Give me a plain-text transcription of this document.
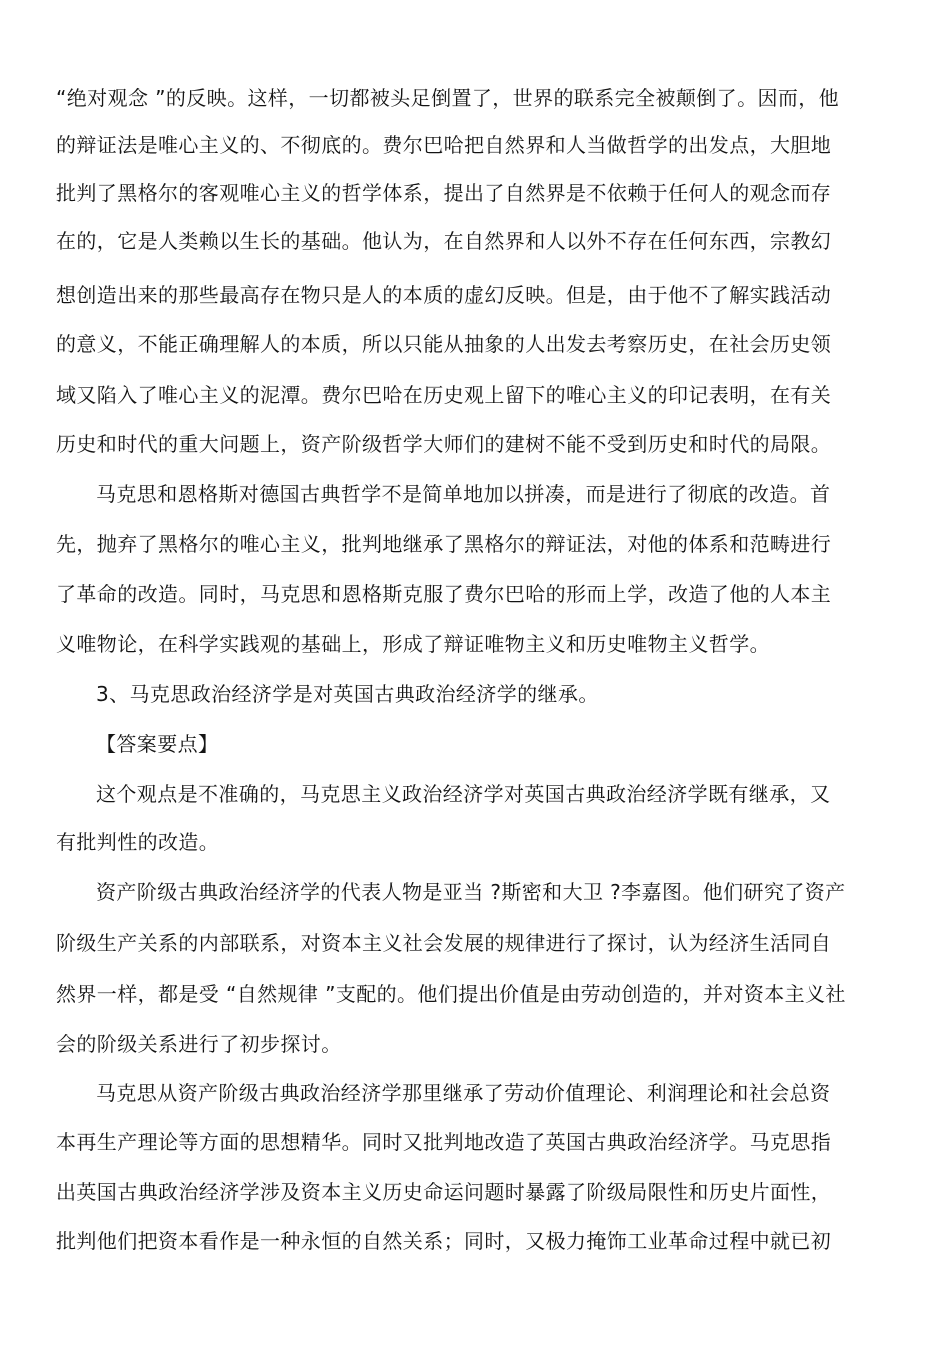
“绝对观念 ”的反映。这样，一切都被头足倒置了，世界的联系完全被颠倒了。因而，他
的辩证法是唯心主义的、不彻底的。费尔巴哈把自然界和人当做哲学的出发点，大胆地
批判了黑格尔的客观唯心主义的哲学体系，提出了自然界是不依赖于任何人的观念而存
在的，它是人类赖以生长的基础。他认为，在自然界和人以外不存在任何东西，宗教幻
想创造出来的那些最高存在物只是人的本质的虚幻反映。但是，由于他不了解实践活动
的意义，不能正确理解人的本质，所以只能从抽象的人出发去考察历史，在社会历史领
域又陷入了唯心主义的泥潭。费尔巴哈在历史观上留下的唯心主义的印记表明，在有关
历史和时代的重大问题上，资产阶级哲学大师们的建树不能不受到历史和时代的局限。
马克思和恩格斯对德国古典哲学不是简单地加以拼凑，而是进行了彻底的改造。首
先，抛弃了黑格尔的唯心主义，批判地继承了黑格尔的辩证法，对他的体系和范畴进行
了革命的改造。同时，马克思和恩格斯克服了费尔巴哈的形而上学，改造了他的人本主
义唯物论，在科学实践观的基础上，形成了辩证唯物主义和历史唯物主义哲学。
3、马克思政治经济学是对英国古典政治经济学的继承。
【答案要点】
这个观点是不准确的，马克思主义政治经济学对英国古典政治经济学既有继承，又
有批判性的改造。
资产阶级古典政治经济学的代表人物是亚当 ?斯密和大卫 ?李嘉图。他们研究了资产
阶级生产关系的内部联系，对资本主义社会发展的规律进行了探讨，认为经济生活同自
然界一样，都是受 “自然规律 ”支配的。他们提出价值是由劳动创造的，并对资本主义社
会的阶级关系进行了初步探讨。
马克思从资产阶级古典政治经济学那里继承了劳动价值理论、利润理论和社会总资
本再生产理论等方面的思想精华。同时又批判地改造了英国古典政治经济学。马克思指
出英国古典政治经济学涉及资本主义历史命运问题时暴露了阶级局限性和历史片面性，
批判他们把资本看作是一种永恒的自然关系；同时，又极力掩饰工业革命过程中就已初
